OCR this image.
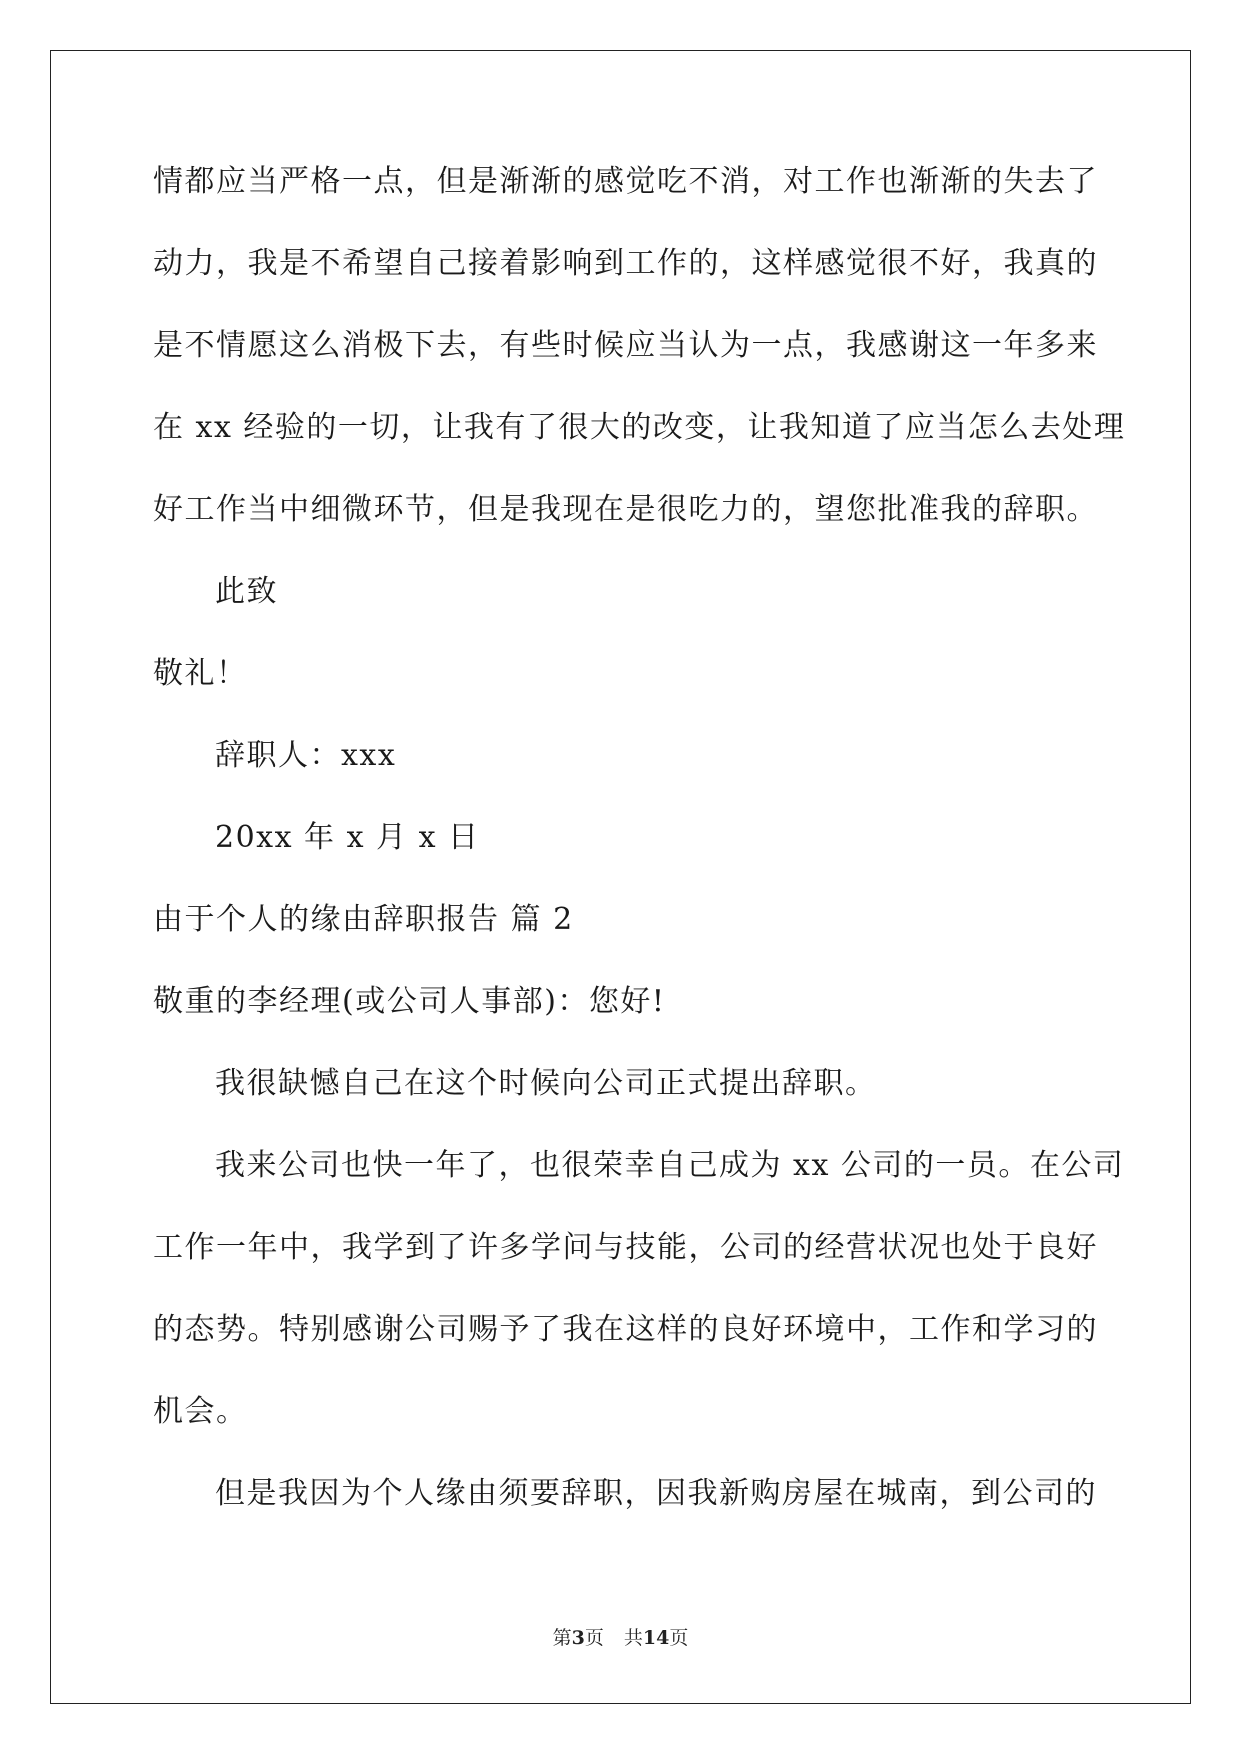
情都应当严格一点，但是渐渐的感觉吃不消，对工作也渐渐的失去了
动力，我是不希望自己接着影响到工作的，这样感觉很不好，我真的
是不情愿这么消极下去，有些时候应当认为一点，我感谢这一年多来
在 xx 经验的一切，让我有了很大的改变，让我知道了应当怎么去处理
好工作当中细微环节，但是我现在是很吃力的，望您批准我的辞职。
此致
敬礼！
辞职人：xxx
20xx 年 x 月 x 日
由于个人的缘由辞职报告 篇 2
敬重的李经理(或公司人事部)：您好!
我很缺憾自己在这个时候向公司正式提出辞职。
我来公司也快一年了，也很荣幸自己成为 xx 公司的一员。在公司
工作一年中，我学到了许多学问与技能，公司的经营状况也处于良好
的态势。特别感谢公司赐予了我在这样的良好环境中，工作和学习的
机会。
但是我因为个人缘由须要辞职，因我新购房屋在城南，到公司的
第3页 共14页
